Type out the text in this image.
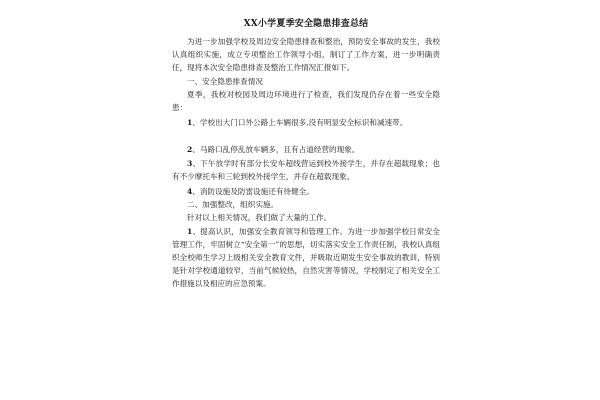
XX小学夏季安全隐患排查总结

为进一步加强学校及周边安全隐患排查和整治，预防安全事故的发生，我校认真组织实施，成立专项整治工作领导小组，制订了工作方案，进一步明确责任，现将本次安全隐患排查及整治工作情况汇报如下。

一、安全隐患排查情况

夏季，我校对校园及周边环境进行了检查，我们发现仍存在着一些安全隐患：

1、学校出大门口外公路上车辆很多,没有明显安全标识和减速带。

2、马路口乱停乱放车辆多，且有占道经营的现象。

3、下午放学时有部分长安车超线营运到校外接学生，并存在超载现象；也有不少摩托车和三轮到校外接学生，并存在超载现象。

4、消防设施及防雷设施还有待健全。

二、加强整改，组织实施。

针对以上相关情况，我们做了大量的工作。

1、提高认识，加强安全教育领导和管理工作。为进一步加强学校日常安全管理工作，牢固树立“安全第一”的思想，切实落实安全工作责任制，我校认真组织全校师生学习上级相关安全教育文件，并吸取近期发生安全事故的教训，特别是针对学校通道较窄，当前气候较热，自然灾害等情况，学校制定了相关安全工作措施以及相应的应急预案。
